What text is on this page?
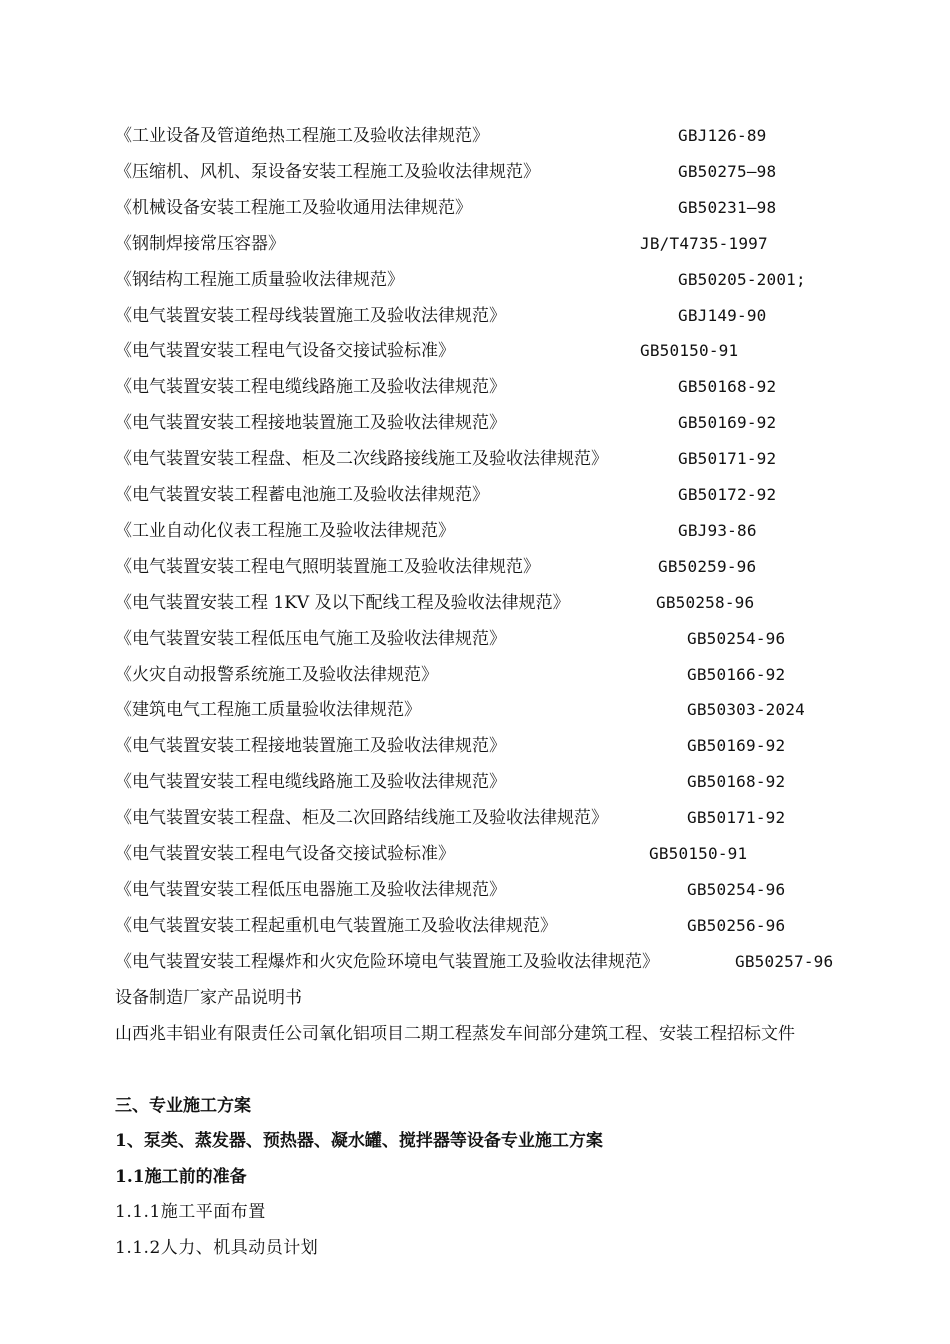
《工业设备及管道绝热工程施工及验收法律规范》	GBJ126-89
《压缩机、风机、泵设备安装工程施工及验收法律规范》	GB50275—98
《机械设备安装工程施工及验收通用法律规范》	GB50231—98
《钢制焊接常压容器》	JB/T4735-1997
《钢结构工程施工质量验收法律规范》	GB50205-2001;
《电气装置安装工程母线装置施工及验收法律规范》	GBJ149-90
《电气装置安装工程电气设备交接试验标准》	GB50150-91
《电气装置安装工程电缆线路施工及验收法律规范》	GB50168-92
《电气装置安装工程接地装置施工及验收法律规范》	GB50169-92
《电气装置安装工程盘、柜及二次线路接线施工及验收法律规范》	GB50171-92
《电气装置安装工程蓄电池施工及验收法律规范》	GB50172-92
《工业自动化仪表工程施工及验收法律规范》	GBJ93-86
《电气装置安装工程电气照明装置施工及验收法律规范》	GB50259-96
《电气装置安装工程 1KV 及以下配线工程及验收法律规范》	GB50258-96
《电气装置安装工程低压电气施工及验收法律规范》	GB50254-96
《火灾自动报警系统施工及验收法律规范》	GB50166-92
《建筑电气工程施工质量验收法律规范》	GB50303-2024
《电气装置安装工程接地装置施工及验收法律规范》	GB50169-92
《电气装置安装工程电缆线路施工及验收法律规范》	GB50168-92
《电气装置安装工程盘、柜及二次回路结线施工及验收法律规范》	GB50171-92
《电气装置安装工程电气设备交接试验标准》	GB50150-91
《电气装置安装工程低压电器施工及验收法律规范》	GB50254-96
《电气装置安装工程起重机电气装置施工及验收法律规范》	GB50256-96
《电气装置安装工程爆炸和火灾危险环境电气装置施工及验收法律规范》	GB50257-96
设备制造厂家产品说明书
山西兆丰铝业有限责任公司氧化铝项目二期工程蒸发车间部分建筑工程、安装工程招标文件
三、专业施工方案
1、泵类、蒸发器、预热器、凝水罐、搅拌器等设备专业施工方案
1.1施工前的准备
1.1.1施工平面布置
1.1.2人力、机具动员计划
